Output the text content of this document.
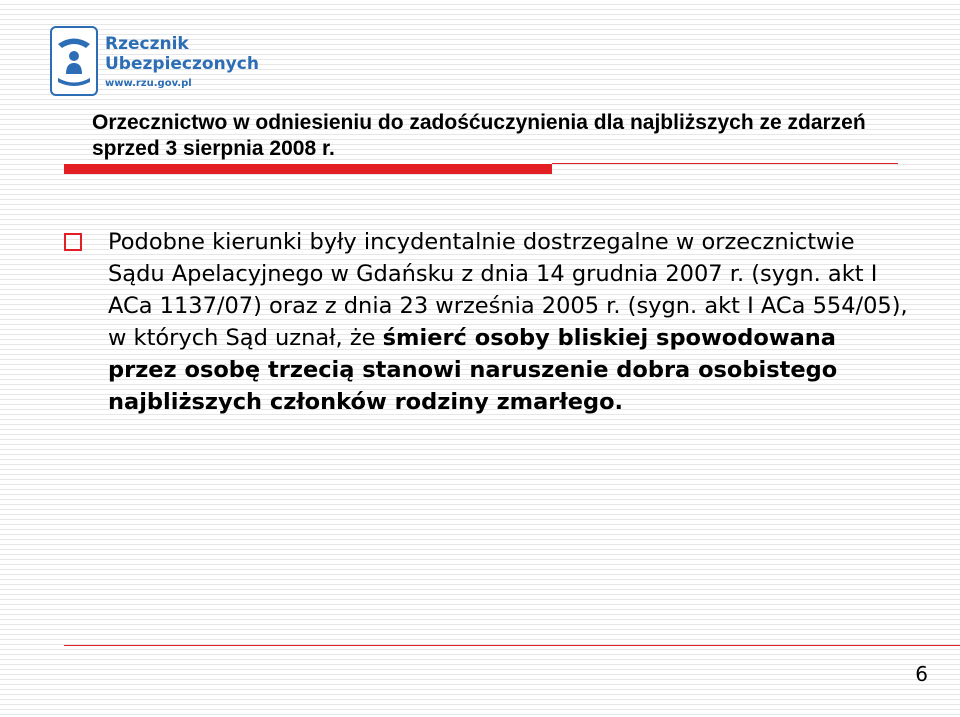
Rzecznik
Ubezpieczonych
www.rzu.gov.pl
Orzecznictwo w odniesieniu do zadośćuczynienia dla najbliższych ze zdarzeń sprzed 3 sierpnia 2008 r.
Podobne kierunki były incydentalnie dostrzegalne w orzecznictwie Sądu Apelacyjnego w Gdańsku z dnia 14 grudnia 2007 r. (sygn. akt I ACa 1137/07) oraz z dnia 23 września 2005 r. (sygn. akt I ACa 554/05), w których Sąd uznał, że śmierć osoby bliskiej spowodowana przez osobę trzecią stanowi naruszenie dobra osobistego najbliższych członków rodziny zmarłego.
6
